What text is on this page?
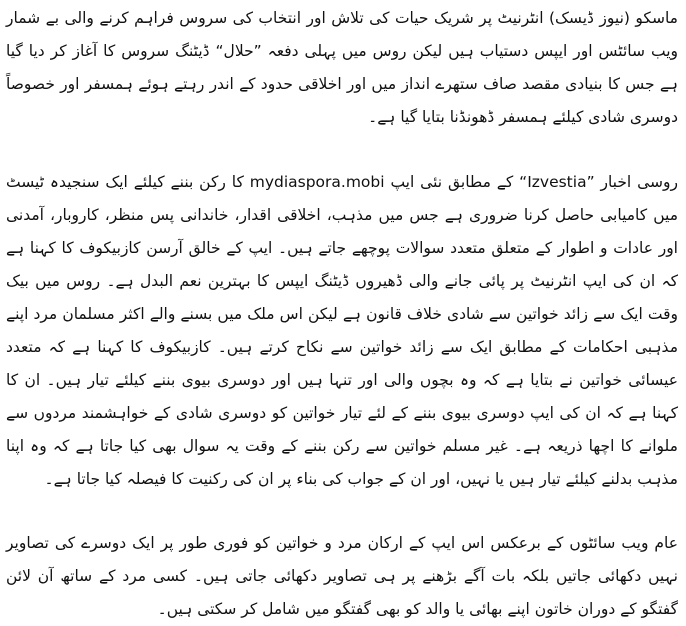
ماسکو (نیوز ڈیسک) انٹرنیٹ پر شریک حیات کی تلاش اور انتخاب کی سروس فراہم کرنے والی بے شمار ویب سائٹس اور ایپس دستیاب ہیں لیکن روس میں پہلی دفعہ ”حلال“ ڈیٹنگ سروس کا آغاز کر دیا گیا ہے جس کا بنیادی مقصد صاف ستھرے انداز میں اور اخلاقی حدود کے اندر رہتے ہوئے ہمسفر اور خصوصاً دوسری شادی کیلئے ہمسفر ڈھونڈنا بتایا گیا ہے۔

روسی اخبار ”Izvestia“ کے مطابق نئی ایپ mydiaspora.mobi کا رکن بننے کیلئے ایک سنجیدہ ٹیسٹ میں کامیابی حاصل کرنا ضروری ہے جس میں مذہب، اخلاقی اقدار، خاندانی پس منظر، کاروبار، آمدنی اور عادات و اطوار کے متعلق متعدد سوالات پوچھے جاتے ہیں۔ ایپ کے خالق آرسن کازبیکوف کا کہنا ہے کہ ان کی ایپ انٹرنیٹ پر پائی جانے والی ڈھیروں ڈیٹنگ ایپس کا بہترین نعم البدل ہے۔ روس میں بیک وقت ایک سے زائد خواتین سے شادی خلاف قانون ہے لیکن اس ملک میں بسنے والے اکثر مسلمان مرد اپنے مذہبی احکامات کے مطابق ایک سے زائد خواتین سے نکاح کرتے ہیں۔ کازبیکوف کا کہنا ہے کہ متعدد عیسائی خواتین نے بتایا ہے کہ وہ بچوں والی اور تنہا ہیں اور دوسری بیوی بننے کیلئے تیار ہیں۔ ان کا کہنا ہے کہ ان کی ایپ دوسری بیوی بننے کے لئے تیار خواتین کو دوسری شادی کے خواہشمند مردوں سے ملوانے کا اچھا ذریعہ ہے۔ غیر مسلم خواتین سے رکن بننے کے وقت یہ سوال بھی کیا جاتا ہے کہ وہ اپنا مذہب بدلنے کیلئے تیار ہیں یا نہیں، اور ان کے جواب کی بناء پر ان کی رکنیت کا فیصلہ کیا جاتا ہے۔

عام ویب سائٹوں کے برعکس اس ایپ کے ارکان مرد و خواتین کو فوری طور پر ایک دوسرے کی تصاویر نہیں دکھائی جاتیں بلکہ بات آگے بڑھنے پر ہی تصاویر دکھائی جاتی ہیں۔ کسی مرد کے ساتھ آن لائن گفتگو کے دوران خاتون اپنے بھائی یا والد کو بھی گفتگو میں شامل کر سکتی ہیں۔
